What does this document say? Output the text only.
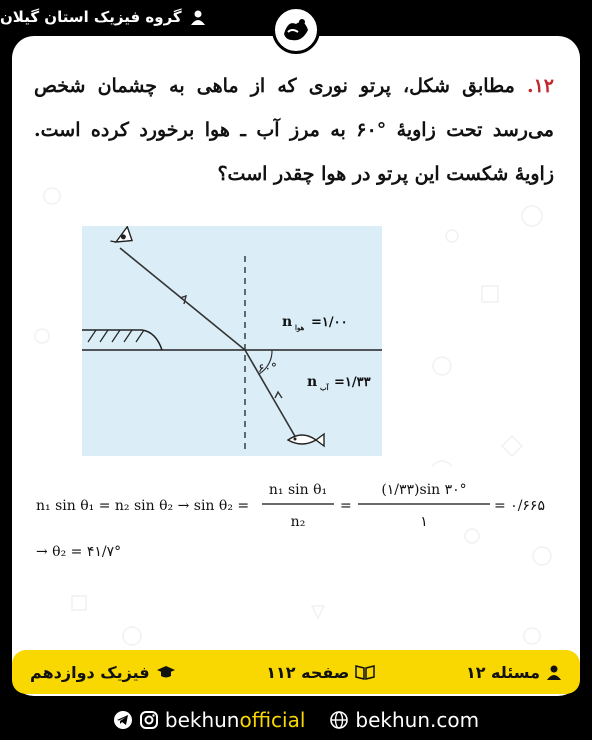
گروه فیزیک استان گیلان
۱۲. مطابق شکل، پرتو نوری که از ماهی به چشمان شخص می‌رسد تحت زاویهٔ °۶۰ به مرز آب ـ هوا برخورد کرده است. زاویهٔ شکست این پرتو در هوا چقدر است؟
۶۰°
n هوا =۱/۰۰
n آب =۱/۳۳
n₁ sin θ₁ = n₂ sin θ₂ → sin θ₂ =
n₁ sin θ₁
n₂
=
(۱/۳۳)sin ۳۰°
۱
= ۰/۶۶۵
→ θ₂ = ۴۱/۷°
مسئله ۱۲
صفحه ۱۱۲
فیزیک دوازدهم
bekhunofficial	bekhun.com
